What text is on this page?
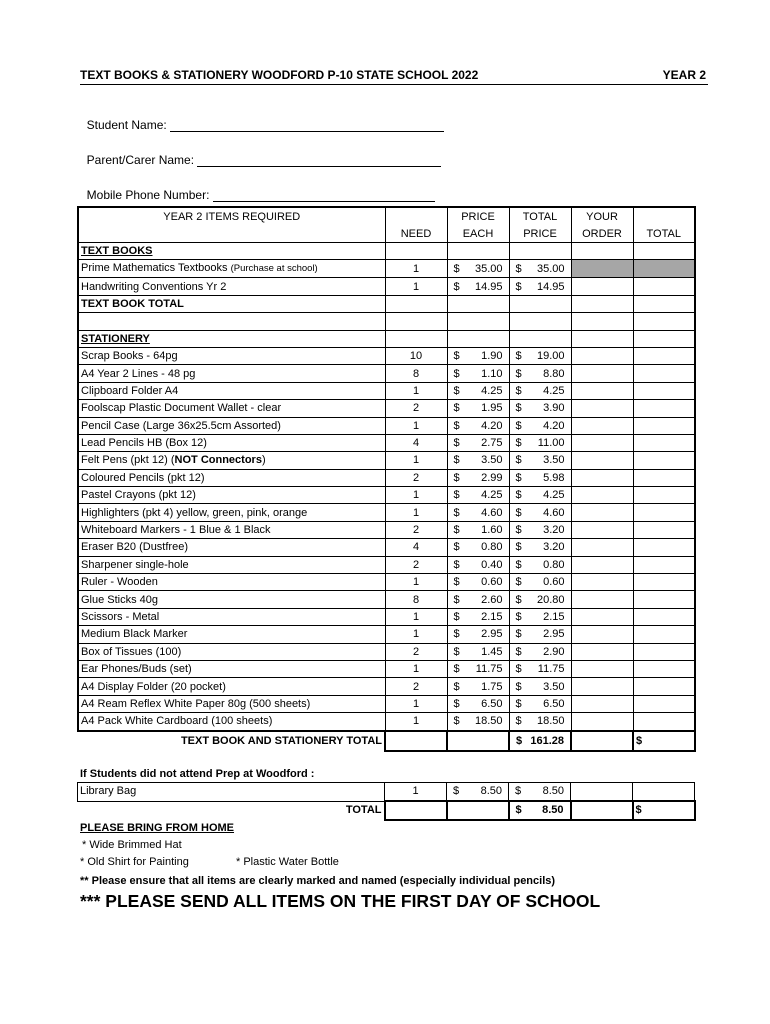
TEXT BOOKS & STATIONERY WOODFORD P-10 STATE SCHOOL 2022	YEAR 2

Student Name:

Parent/Carer Name:

Mobile Phone Number:

YEAR 2 ITEMS REQUIRED		PRICE	TOTAL	YOUR	
	NEED	EACH	PRICE	ORDER	TOTAL
TEXT BOOKS					
Prime Mathematics Textbooks (Purchase at school)	1	$ 35.00	$ 35.00		

Handwriting Conventions Yr 2	1	$ 14.95	$ 14.95		

TEXT BOOK TOTAL					

STATIONERY					
Scrap Books - 64pg	10	$ 1.90	$ 19.00		

A4 Year 2 Lines - 48 pg	8	$ 1.10	$ 8.80		

Clipboard Folder A4	1	$ 4.25	$ 4.25		

Foolscap Plastic Document Wallet - clear	2	$ 1.95	$ 3.90		

Pencil Case (Large 36x25.5cm Assorted)	1	$ 4.20	$ 4.20		

Lead Pencils HB (Box 12)	4	$ 2.75	$ 11.00		

Felt Pens (pkt 12) (NOT Connectors)	1	$ 3.50	$ 3.50		

Coloured Pencils (pkt 12)	2	$ 2.99	$ 5.98		

Pastel Crayons (pkt 12)	1	$ 4.25	$ 4.25		

Highlighters (pkt 4) yellow, green, pink, orange	1	$ 4.60	$ 4.60		

Whiteboard Markers - 1 Blue & 1 Black	2	$ 1.60	$ 3.20		

Eraser B20 (Dustfree)	4	$ 0.80	$ 3.20		

Sharpener single-hole	2	$ 0.40	$ 0.80		

Ruler - Wooden	1	$ 0.60	$ 0.60		

Glue Sticks 40g	8	$ 2.60	$ 20.80		

Scissors - Metal	1	$ 2.15	$ 2.15		

Medium Black Marker	1	$ 2.95	$ 2.95		

Box of Tissues (100)	2	$ 1.45	$ 2.90		

Ear Phones/Buds (set)	1	$ 11.75	$ 11.75		

A4 Display Folder (20 pocket)	2	$ 1.75	$ 3.50		

A4 Ream Reflex White Paper 80g (500 sheets)	1	$ 6.50	$ 6.50		

A4 Pack White Cardboard (100 sheets)	1	$ 18.50	$ 18.50		

TEXT BOOK AND STATIONERY TOTAL			$ 161.28		$
Library Bag	1	$ 8.50	$ 8.50		

TOTAL			$ 8.50		$
If Students did not attend Prep at Woodford :
PLEASE BRING FROM HOME
* Wide Brimmed Hat
* Old Shirt for Painting	* Plastic Water Bottle
** Please ensure that all items are clearly marked and named (especially individual pencils)
*** PLEASE SEND ALL ITEMS ON THE FIRST DAY OF SCHOOL
